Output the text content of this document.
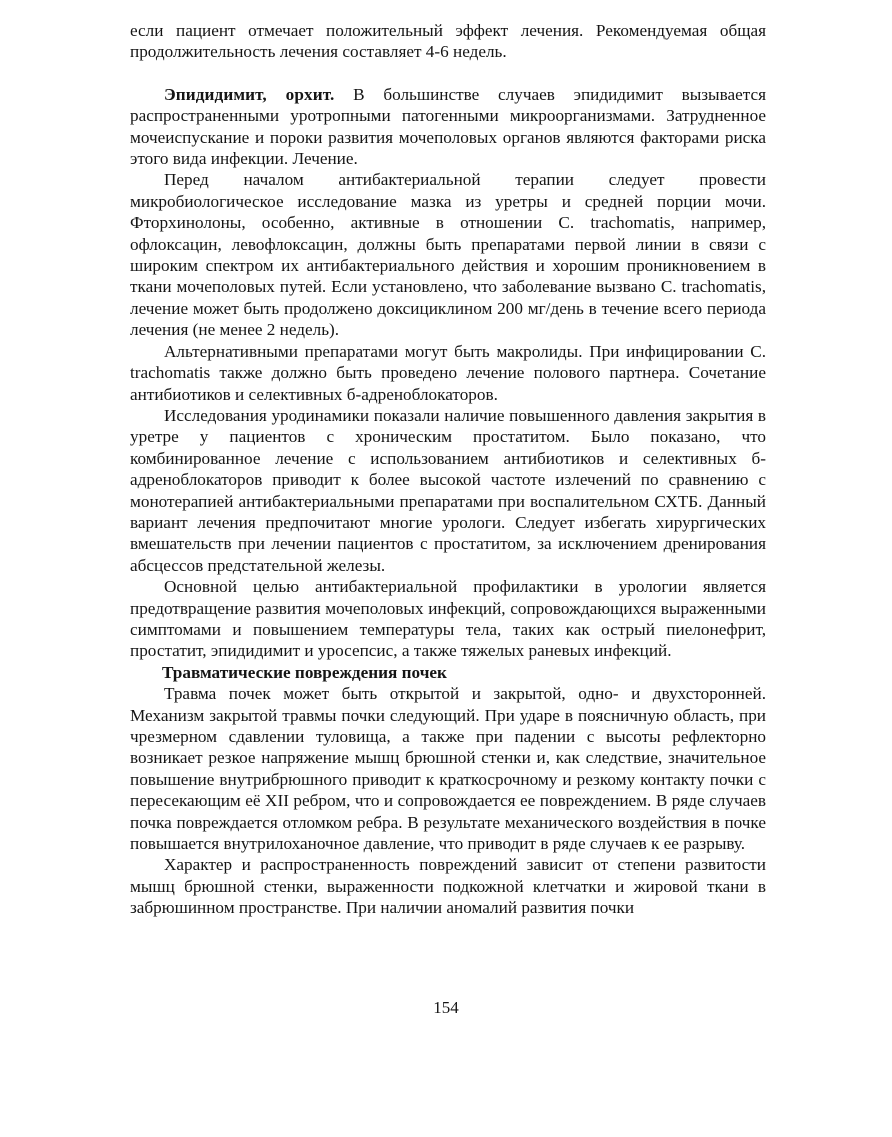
если пациент отмечает положительный эффект лечения. Рекомендуемая общая продолжительность лечения составляет 4-6 недель.

Эпидидимит, орхит. В большинстве случаев эпидидимит вызывается распространенными уротропными патогенными микроорганизмами. Затрудненное мочеиспускание и пороки развития мочеполовых органов являются факторами риска этого вида инфекции. Лечение.

Перед началом антибактериальной терапии следует провести микробиологическое исследование мазка из уретры и средней порции мочи. Фторхинолоны, особенно, активные в отношении C. trachomatis, например, офлоксацин, левофлоксацин, должны быть препаратами первой линии в связи с широким спектром их антибактериального действия и хорошим проникновением в ткани мочеполовых путей. Если установлено, что заболевание вызвано C. trachomatis, лечение может быть продолжено доксициклином 200 мг/день в течение всего периода лечения (не менее 2 недель).

Альтернативными препаратами могут быть макролиды. При инфицировании C. trachomatis также должно быть проведено лечение полового партнера. Сочетание антибиотиков и селективных б-адреноблокаторов.

Исследования уродинамики показали наличие повышенного давления закрытия в уретре у пациентов с хроническим простатитом. Было показано, что комбинированное лечение с использованием антибиотиков и селективных б-адреноблокаторов приводит к более высокой частоте излечений по сравнению с монотерапией антибактериальными препаратами при воспалительном СХТБ. Данный вариант лечения предпочитают многие урологи. Следует избегать хирургических вмешательств при лечении пациентов с простатитом, за исключением дренирования абсцессов предстательной железы.

Основной целью антибактериальной профилактики в урологии является предотвращение развития мочеполовых инфекций, сопровождающихся выраженными симптомами и повышением температуры тела, таких как острый пиелонефрит, простатит, эпидидимит и уросепсис, а также тяжелых раневых инфекций.

Травматические повреждения почек

Травма почек может быть открытой и закрытой, одно- и двухсторонней. Механизм закрытой травмы почки следующий. При ударе в поясничную область, при чрезмерном сдавлении туловища, а также при падении с высоты рефлекторно возникает резкое напряжение мышц брюшной стенки и, как следствие, значительное повышение внутрибрюшного приводит к краткосрочному и резкому контакту почки с пересекающим её XII ребром, что и сопровождается ее повреждением. В ряде случаев почка повреждается отломком ребра. В результате механического воздействия в почке повышается внутрилоханочное давление, что приводит в ряде случаев к ее разрыву.

Характер и распространенность повреждений зависит от степени развитости мышц брюшной стенки, выраженности подкожной клетчатки и жировой ткани в забрюшинном пространстве. При наличии аномалий развития почки

154
